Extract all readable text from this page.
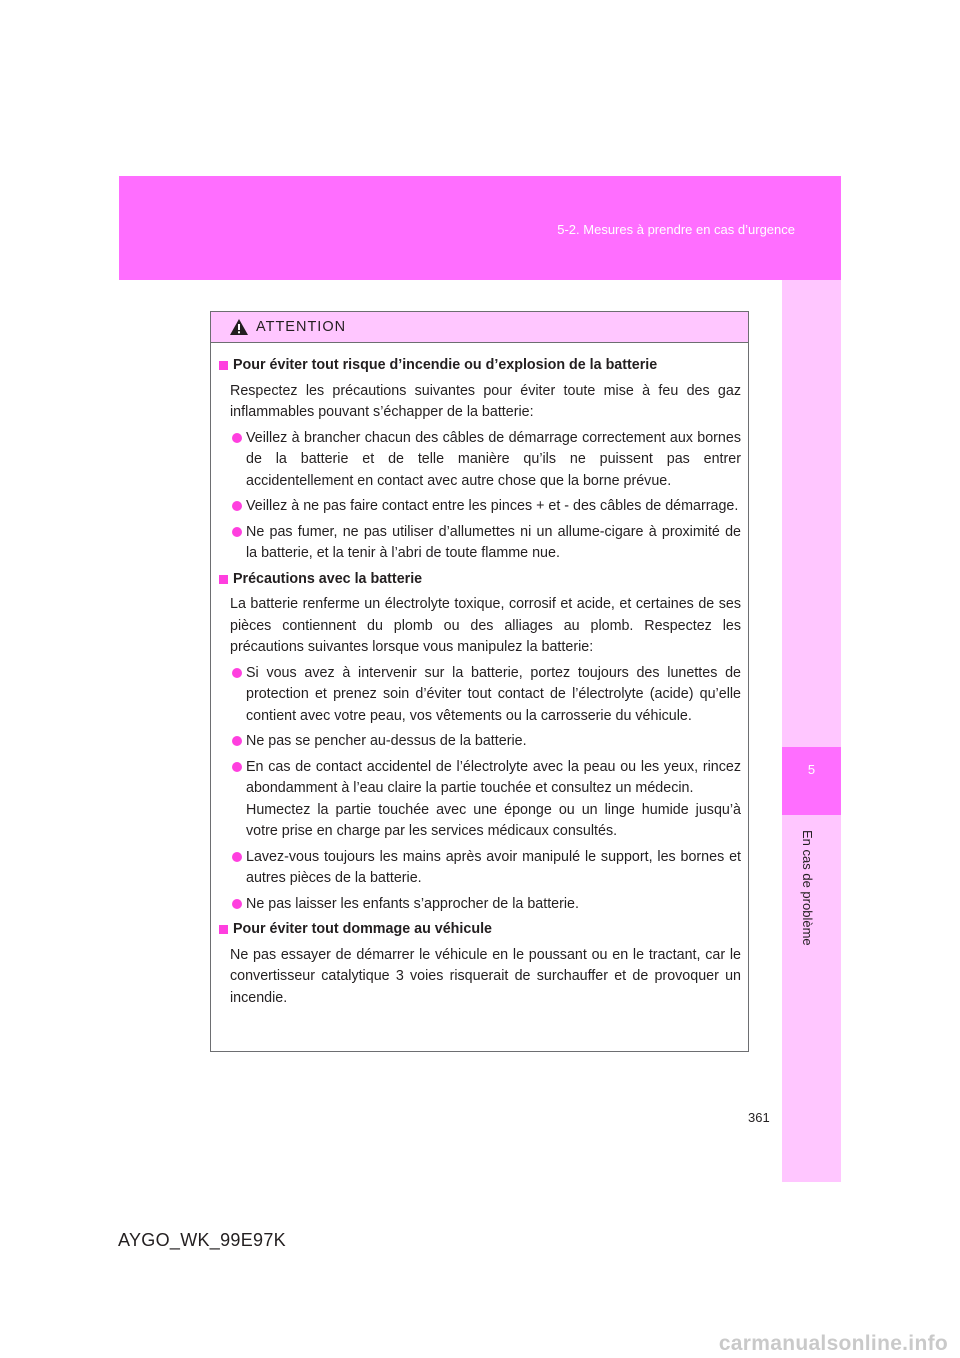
5-2. Mesures à prendre en cas d’urgence
5
En cas de problème
ATTENTION
Pour éviter tout risque d’incendie ou d’explosion de la batterie
Respectez les précautions suivantes pour éviter toute mise à feu des gaz inflammables pouvant s’échapper de la batterie:
Veillez à brancher chacun des câbles de démarrage correctement aux bornes de la batterie et de telle manière qu’ils ne puissent pas entrer accidentellement en contact avec autre chose que la borne prévue.
Veillez à ne pas faire contact entre les pinces + et - des câbles de démarrage.
Ne pas fumer, ne pas utiliser d’allumettes ni un allume-cigare à proximité de la batterie, et la tenir à l’abri de toute flamme nue.
Précautions avec la batterie
La batterie renferme un électrolyte toxique, corrosif et acide, et certaines de ses pièces contiennent du plomb ou des alliages au plomb. Respectez les précautions suivantes lorsque vous manipulez la batterie:
Si vous avez à intervenir sur la batterie, portez toujours des lunettes de protection et prenez soin d’éviter tout contact de l’électrolyte (acide) qu’elle contient avec votre peau, vos vêtements ou la carrosserie du véhicule.
Ne pas se pencher au-dessus de la batterie.
En cas de contact accidentel de l’électrolyte avec la peau ou les yeux, rincez abondamment à l’eau claire la partie touchée et consultez un médecin.
Humectez la partie touchée avec une éponge ou un linge humide jusqu’à votre prise en charge par les services médicaux consultés.
Lavez-vous toujours les mains après avoir manipulé le support, les bornes et autres pièces de la batterie.
Ne pas laisser les enfants s’approcher de la batterie.
Pour éviter tout dommage au véhicule
Ne pas essayer de démarrer le véhicule en le poussant ou en le tractant, car le convertisseur catalytique 3 voies risquerait de surchauffer et de provoquer un incendie.
361
AYGO_WK_99E97K
carmanualsonline.info
